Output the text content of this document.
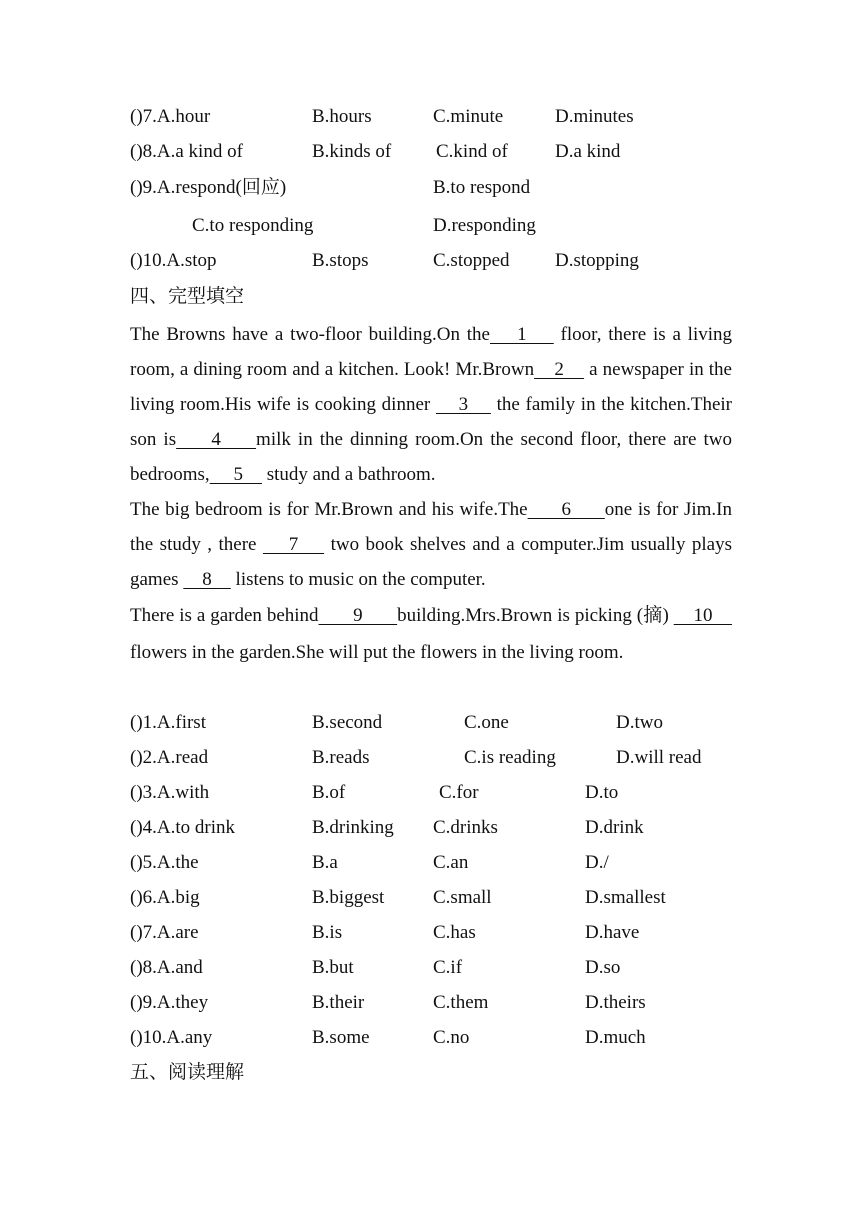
(
)7.A.hour	B.hours	C.minute	D.minutes
(
)8.A.a kind of	B.kinds of C.kind of D.a kind
(
)9.A.respond(回应)	B.to respond
C.to responding	D.responding
(
)10.A.stop	B.stops	C.stopped D.stopping
四、完型填空
The Browns have a two-floor building.On the    1     floor, there is a living room, a dining room and a kitchen. Look! Mr.Brown    2     a newspaper in the living room.His wife is cooking dinner     3     the family in the kitchen.Their son is     4     milk in the dinning room.On the second floor, there are two bedrooms,     5     study and a bathroom.
The big bedroom is for Mr.Brown and his wife.The      6      one is for Jim.In the study , there     7     two book shelves and a computer.Jim usually plays games     8     listens to music on the computer.
There is a garden behind       9       building.Mrs.Brown is picking (摘)     10     flowers in the garden.She will put the flowers in the living room.
(
)1.A.first	B.second	C.one	D.two
(
)2.A.read	B.reads	C.is reading	D.will read
(
)3.A.with	B.of	C.for	D.to
(
)4.A.to drink	B.drinking C.drinks	D.drink
(
)5.A.the	B.a	C.an	D./
(
)6.A.big	B.biggest	C.small	D.smallest
(
)7.A.are	B.is	C.has	D.have
(
)8.A.and	B.but	C.if	D.so
(
)9.A.they	B.their	C.them	D.theirs
(
)10.A.any	B.some	C.no	D.much
五、阅读理解
